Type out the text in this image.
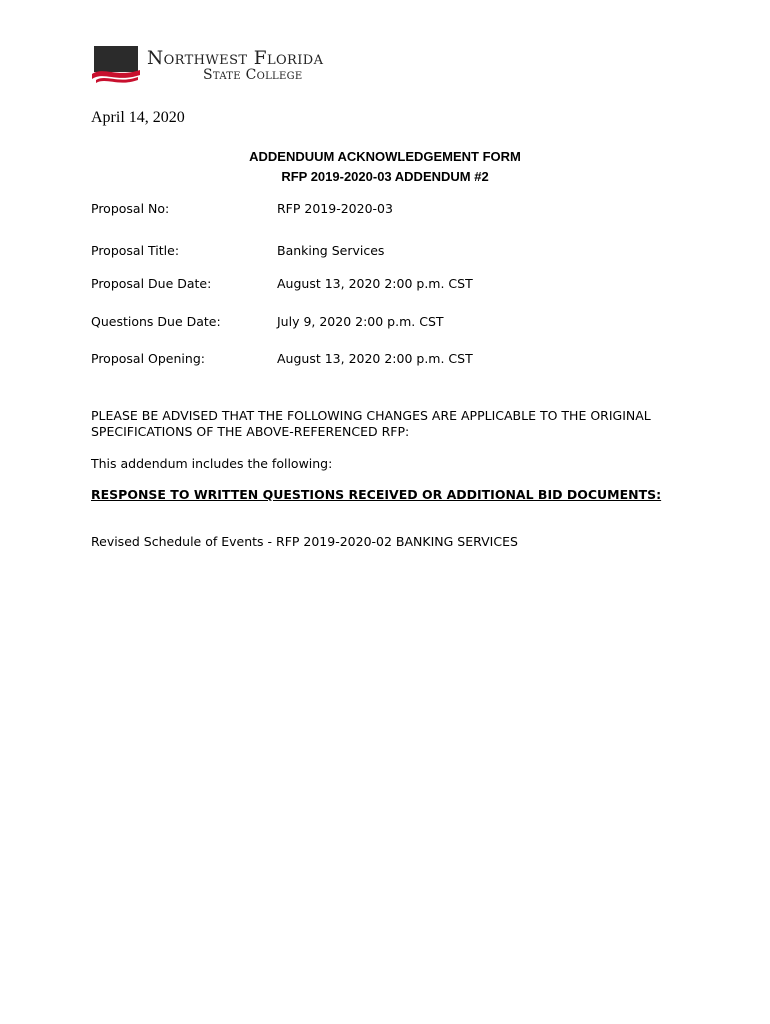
Northwest Florida
State College
April 14, 2020
ADDENDUUM ACKNOWLEDGEMENT FORM
RFP 2019-2020-03 ADDENDUM #2
Proposal No:	RFP 2019-2020-03
Proposal Title:	Banking Services
Proposal Due Date:	August 13, 2020 2:00 p.m. CST
Questions Due Date:	July 9, 2020 2:00 p.m. CST
Proposal Opening:	August 13, 2020 2:00 p.m. CST
PLEASE BE ADVISED THAT THE FOLLOWING CHANGES ARE APPLICABLE TO THE ORIGINAL SPECIFICATIONS OF THE ABOVE-REFERENCED RFP:
This addendum includes the following:
RESPONSE TO WRITTEN QUESTIONS RECEIVED OR ADDITIONAL BID DOCUMENTS:
Revised Schedule of Events - RFP 2019-2020-02 BANKING SERVICES
